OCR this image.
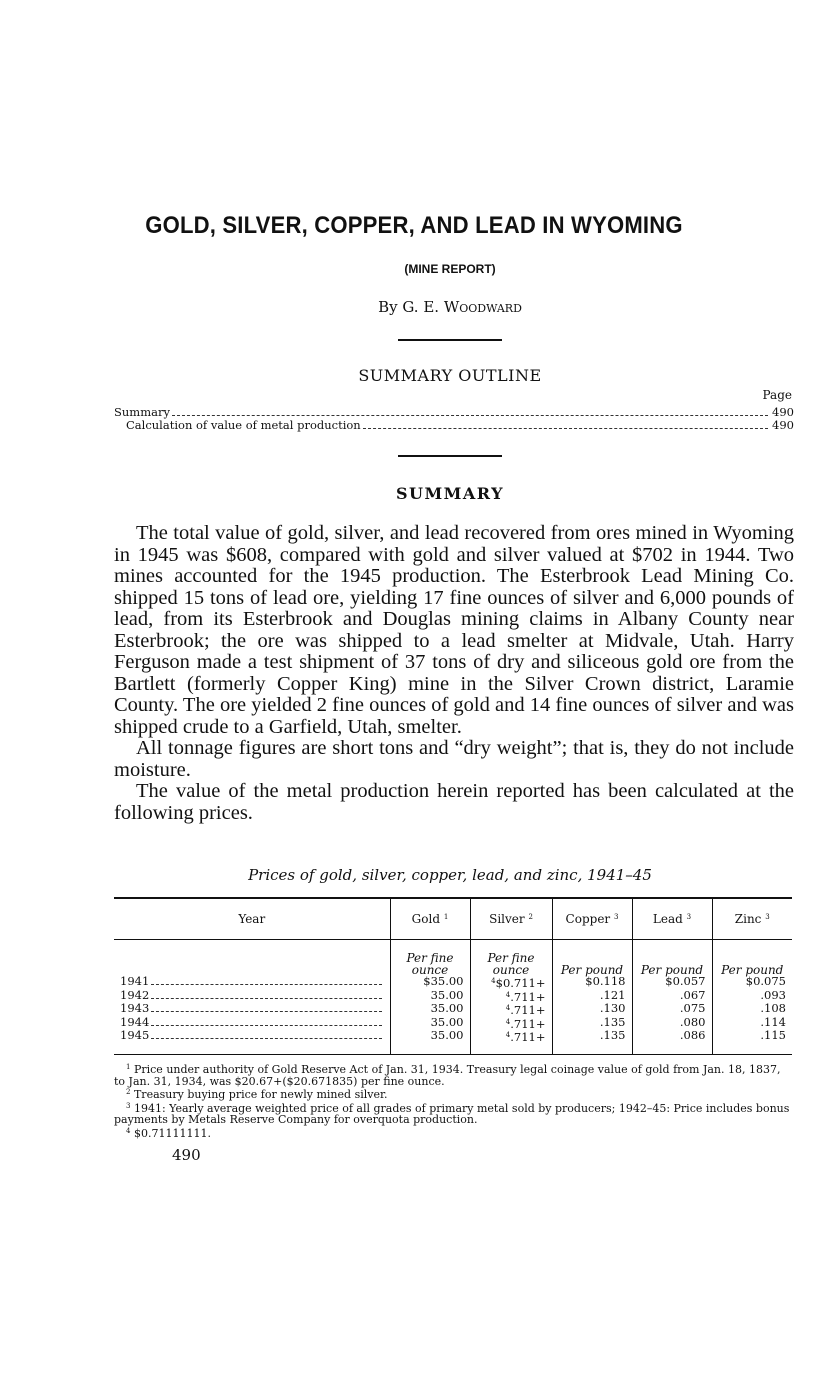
GOLD, SILVER, COPPER, AND LEAD IN WYOMING
(MINE REPORT)
By G. E. Woodward
SUMMARY OUTLINE
Page
Summary	490
Calculation of value of metal production	490
SUMMARY

The total value of gold, silver, and lead recovered from ores mined in Wyoming in 1945 was $608, compared with gold and silver valued at $702 in 1944. Two mines accounted for the 1945 production. The Esterbrook Lead Mining Co. shipped 15 tons of lead ore, yielding 17 fine ounces of silver and 6,000 pounds of lead, from its Esterbrook and Douglas mining claims in Albany County near Esterbrook; the ore was shipped to a lead smelter at Midvale, Utah. Harry Ferguson made a test shipment of 37 tons of dry and siliceous gold ore from the Bartlett (formerly Copper King) mine in the Silver Crown district, Laramie County. The ore yielded 2 fine ounces of gold and 14 fine ounces of silver and was shipped crude to a Garfield, Utah, smelter.

All tonnage figures are short tons and “dry weight”; that is, they do not include moisture.

The value of the metal production herein reported has been calculated at the following prices.

Prices of gold, silver, copper, lead, and zinc, 1941–45
Year	Gold $^1$	Silver $^2$	Copper $^3$	Lead $^3$	Zinc $^3$
	Per fine ounce	Per fine ounce	Per pound	Per pound	Per pound

1941	$35.00	$^4$\$0.711+	$0.118	$0.057	$0.075

1942	35.00	$^4$.711+	.121	.067	.093

1943	35.00	$^4$.711+	.130	.075	.108

1944	35.00	$^4$.711+	.135	.080	.114

1945	35.00	$^4$.711+	.135	.086	.115
$^1$ Price under authority of Gold Reserve Act of Jan. 31, 1934. Treasury legal coinage value of gold from Jan. 18, 1837, to Jan. 31, 1934, was $20.67+($20.671835) per fine ounce.
$^2$ Treasury buying price for newly mined silver.
$^3$ 1941: Yearly average weighted price of all grades of primary metal sold by producers; 1942–45: Price includes bonus payments by Metals Reserve Company for overquota production.
$^4$ $0.71111111.
490
